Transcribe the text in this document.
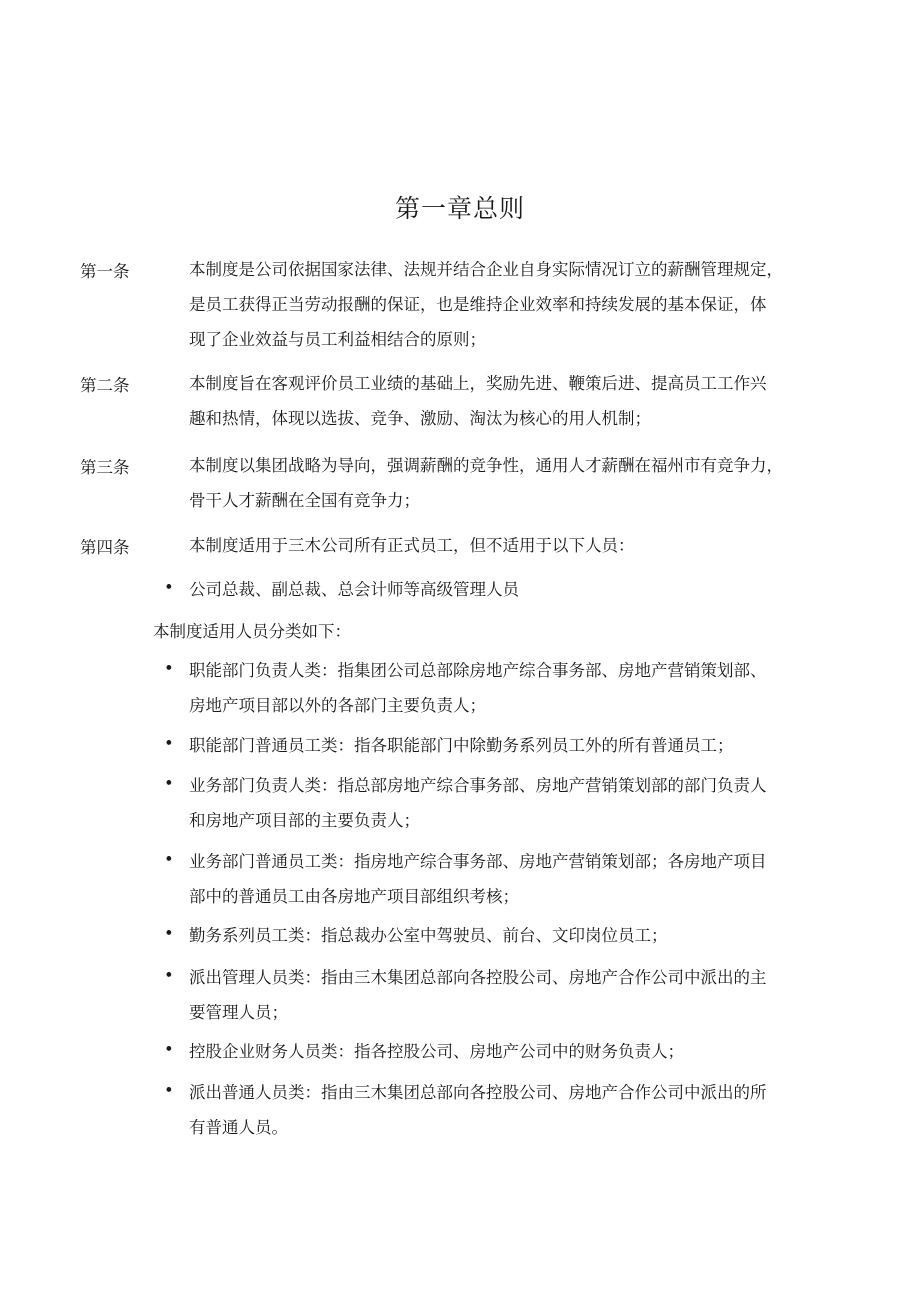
第一章总则
第一条	本制度是公司依据国家法律、法规并结合企业自身实际情况订立的薪酬管理规定，
是员工获得正当劳动报酬的保证，也是维持企业效率和持续发展的基本保证，体
现了企业效益与员工利益相结合的原则；
第二条	本制度旨在客观评价员工业绩的基础上，奖励先进、鞭策后进、提高员工工作兴
趣和热情，体现以选拔、竞争、激励、淘汰为核心的用人机制；
第三条	本制度以集团战略为导向，强调薪酬的竞争性，通用人才薪酬在福州市有竞争力，
骨干人才薪酬在全国有竞争力；
第四条	本制度适用于三木公司所有正式员工，但不适用于以下人员：
• 公司总裁、副总裁、总会计师等高级管理人员
本制度适用人员分类如下：
• 职能部门负责人类：指集团公司总部除房地产综合事务部、房地产营销策划部、
房地产项目部以外的各部门主要负责人；
• 职能部门普通员工类：指各职能部门中除勤务系列员工外的所有普通员工；
• 业务部门负责人类：指总部房地产综合事务部、房地产营销策划部的部门负责人
和房地产项目部的主要负责人；
• 业务部门普通员工类：指房地产综合事务部、房地产营销策划部；各房地产项目
部中的普通员工由各房地产项目部组织考核；
• 勤务系列员工类：指总裁办公室中驾驶员、前台、文印岗位员工；
• 派出管理人员类：指由三木集团总部向各控股公司、房地产合作公司中派出的主
要管理人员；
• 控股企业财务人员类：指各控股公司、房地产公司中的财务负责人；
• 派出普通人员类：指由三木集团总部向各控股公司、房地产合作公司中派出的所
有普通人员。
